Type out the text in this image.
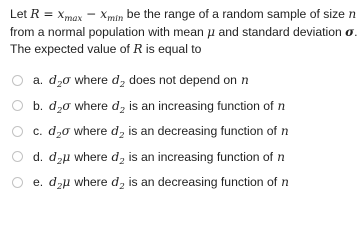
Let $R = x_{max} - x_{min}$ be the range of a random sample of size n

from a normal population with mean μ and standard deviation σ.

The expected value of R is equal to

a. $d_2\sigma$ where $d_2$ does not depend on n
b. $d_2\sigma$ where $d_2$ is an increasing function of n
c. $d_2\sigma$ where $d_2$ is an decreasing function of n
d. $d_2\mu$ where $d_2$ is an increasing function of n
e. $d_2\mu$ where $d_2$ is an decreasing function of n
